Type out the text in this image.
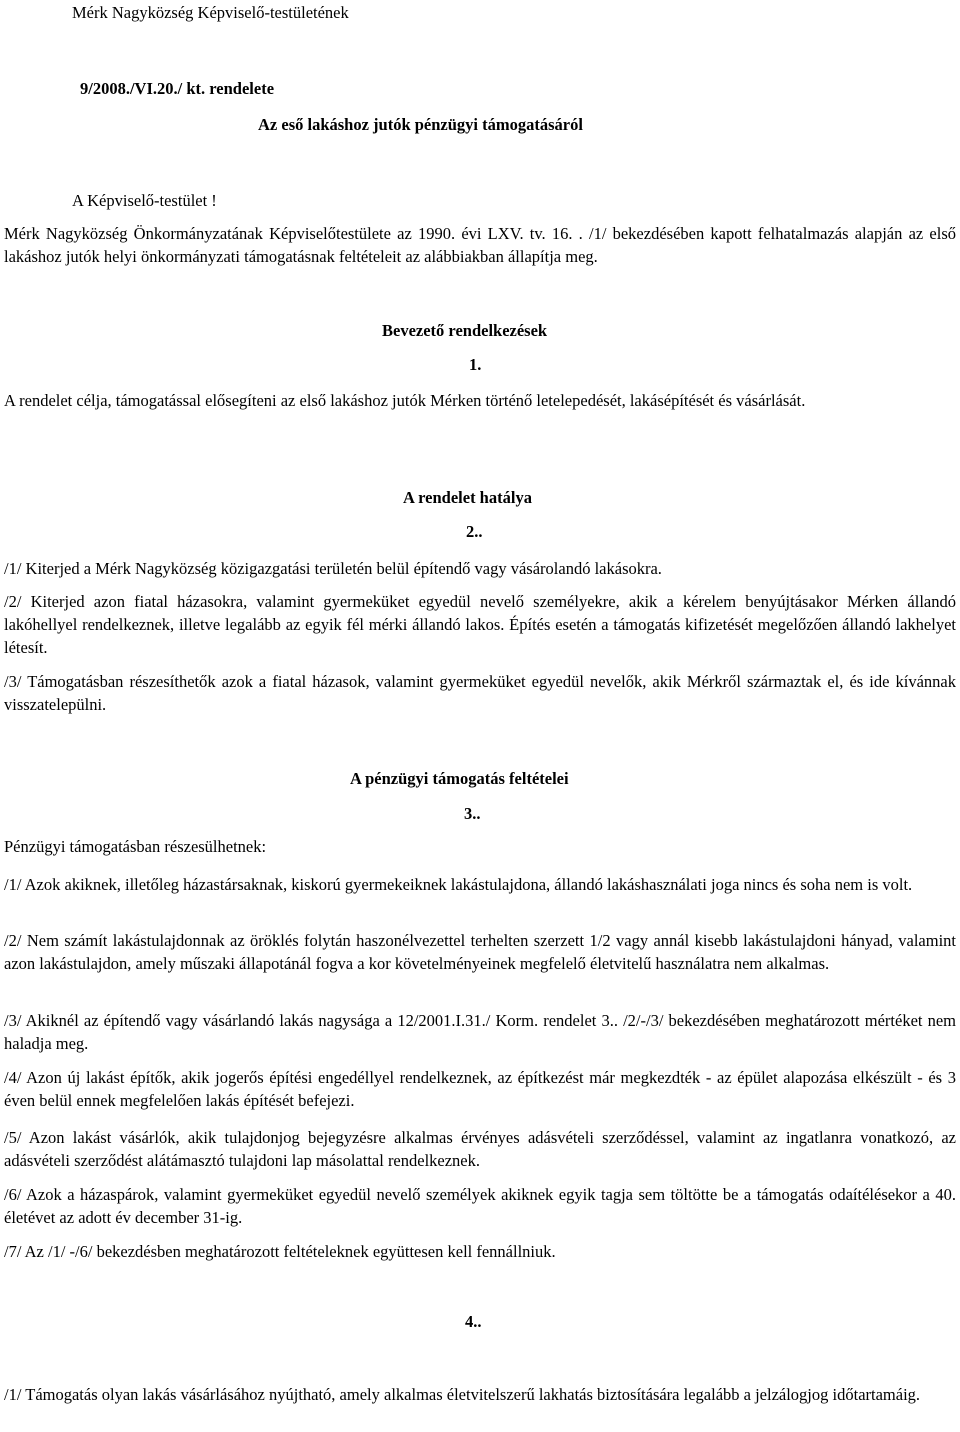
Mérk Nagyközség Képviselő-testületének
9/2008./VI.20./ kt. rendelete
Az eső lakáshoz jutók pénzügyi támogatásáról
A Képviselő-testület !
Mérk Nagyközség Önkormányzatának Képviselőtestülete az 1990. évi LXV. tv. 16. . /1/ bekezdésében kapott felhatalmazás alapján az első lakáshoz jutók helyi önkormányzati támogatásnak feltételeit az alábbiakban állapítja meg.
Bevezető rendelkezések
1.
A rendelet célja, támogatással elősegíteni az első lakáshoz jutók Mérken történő letelepedését, lakásépítését és vásárlását.
A rendelet hatálya
2..
/1/ Kiterjed a Mérk Nagyközség közigazgatási területén belül építendő vagy vásárolandó lakásokra.
/2/ Kiterjed azon fiatal házasokra, valamint gyermeküket egyedül nevelő személyekre, akik a kérelem benyújtásakor Mérken állandó lakóhellyel rendelkeznek, illetve legalább az egyik fél mérki állandó lakos. Építés esetén a támogatás kifizetését megelőzően állandó lakhelyet létesít.
/3/ Támogatásban részesíthetők azok a fiatal házasok, valamint gyermeküket egyedül nevelők, akik Mérkről származtak el, és ide kívánnak visszatelepülni.
A pénzügyi támogatás feltételei
3..
Pénzügyi támogatásban részesülhetnek:
/1/ Azok akiknek, illetőleg házastársaknak, kiskorú gyermekeiknek lakástulajdona, állandó lakáshasználati joga nincs és soha nem is volt.
/2/ Nem számít lakástulajdonnak az öröklés folytán haszonélvezettel terhelten szerzett 1/2 vagy annál kisebb lakástulajdoni hányad, valamint azon lakástulajdon, amely műszaki állapotánál fogva a kor követelményeinek megfelelő életvitelű használatra nem alkalmas.
/3/ Akiknél az építendő vagy vásárlandó lakás nagysága a 12/2001.I.31./ Korm. rendelet 3.. /2/-/3/ bekezdésében meghatározott mértéket nem haladja meg.
/4/ Azon új lakást építők, akik jogerős építési engedéllyel rendelkeznek, az építkezést már megkezdték - az épület alapozása elkészült - és 3 éven belül ennek megfelelően lakás építését befejezi.
/5/ Azon lakást vásárlók, akik tulajdonjog bejegyzésre alkalmas érvényes adásvételi szerződéssel, valamint az ingatlanra vonatkozó, az adásvételi szerződést alátámasztó tulajdoni lap másolattal rendelkeznek.
/6/ Azok a házaspárok, valamint gyermeküket egyedül nevelő személyek akiknek egyik tagja sem töltötte be a támogatás odaítélésekor a 40. életévet az adott év december 31-ig.
/7/ Az /1/ -/6/ bekezdésben meghatározott feltételeknek együttesen kell fennállniuk.
4..
/1/ Támogatás olyan lakás vásárlásához nyújtható, amely alkalmas életvitelszerű lakhatás biztosítására legalább a jelzálogjog időtartamáig.
